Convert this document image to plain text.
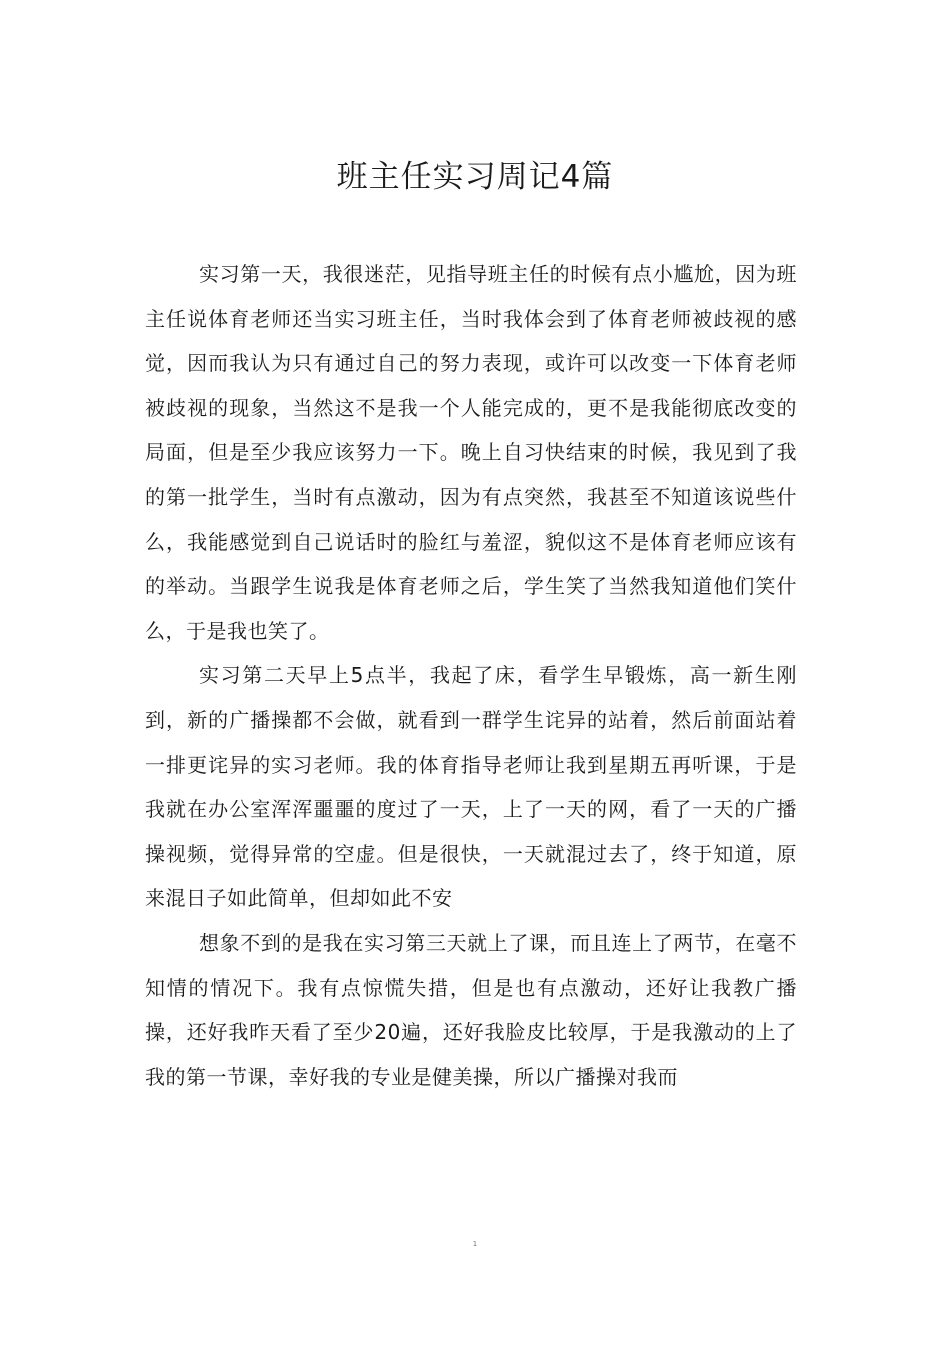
班主任实习周记4篇

实习第一天，我很迷茫，见指导班主任的时候有点小尴尬，因为班主任说体育老师还当实习班主任，当时我体会到了体育老师被歧视的感觉，因而我认为只有通过自己的努力表现，或许可以改变一下体育老师被歧视的现象，当然这不是我一个人能完成的，更不是我能彻底改变的局面，但是至少我应该努力一下。晚上自习快结束的时候，我见到了我的第一批学生，当时有点激动，因为有点突然，我甚至不知道该说些什么，我能感觉到自己说话时的脸红与羞涩，貌似这不是体育老师应该有的举动。当跟学生说我是体育老师之后，学生笑了当然我知道他们笑什么，于是我也笑了。

实习第二天早上5点半，我起了床，看学生早锻炼，高一新生刚到，新的广播操都不会做，就看到一群学生诧异的站着，然后前面站着一排更诧异的实习老师。我的体育指导老师让我到星期五再听课，于是我就在办公室浑浑噩噩的度过了一天，上了一天的网，看了一天的广播操视频，觉得异常的空虚。但是很快，一天就混过去了，终于知道，原来混日子如此简单，但却如此不安

想象不到的是我在实习第三天就上了课，而且连上了两节，在毫不知情的情况下。我有点惊慌失措，但是也有点激动，还好让我教广播操，还好我昨天看了至少20遍，还好我脸皮比较厚，于是我激动的上了我的第一节课，幸好我的专业是健美操，所以广播操对我而

1
